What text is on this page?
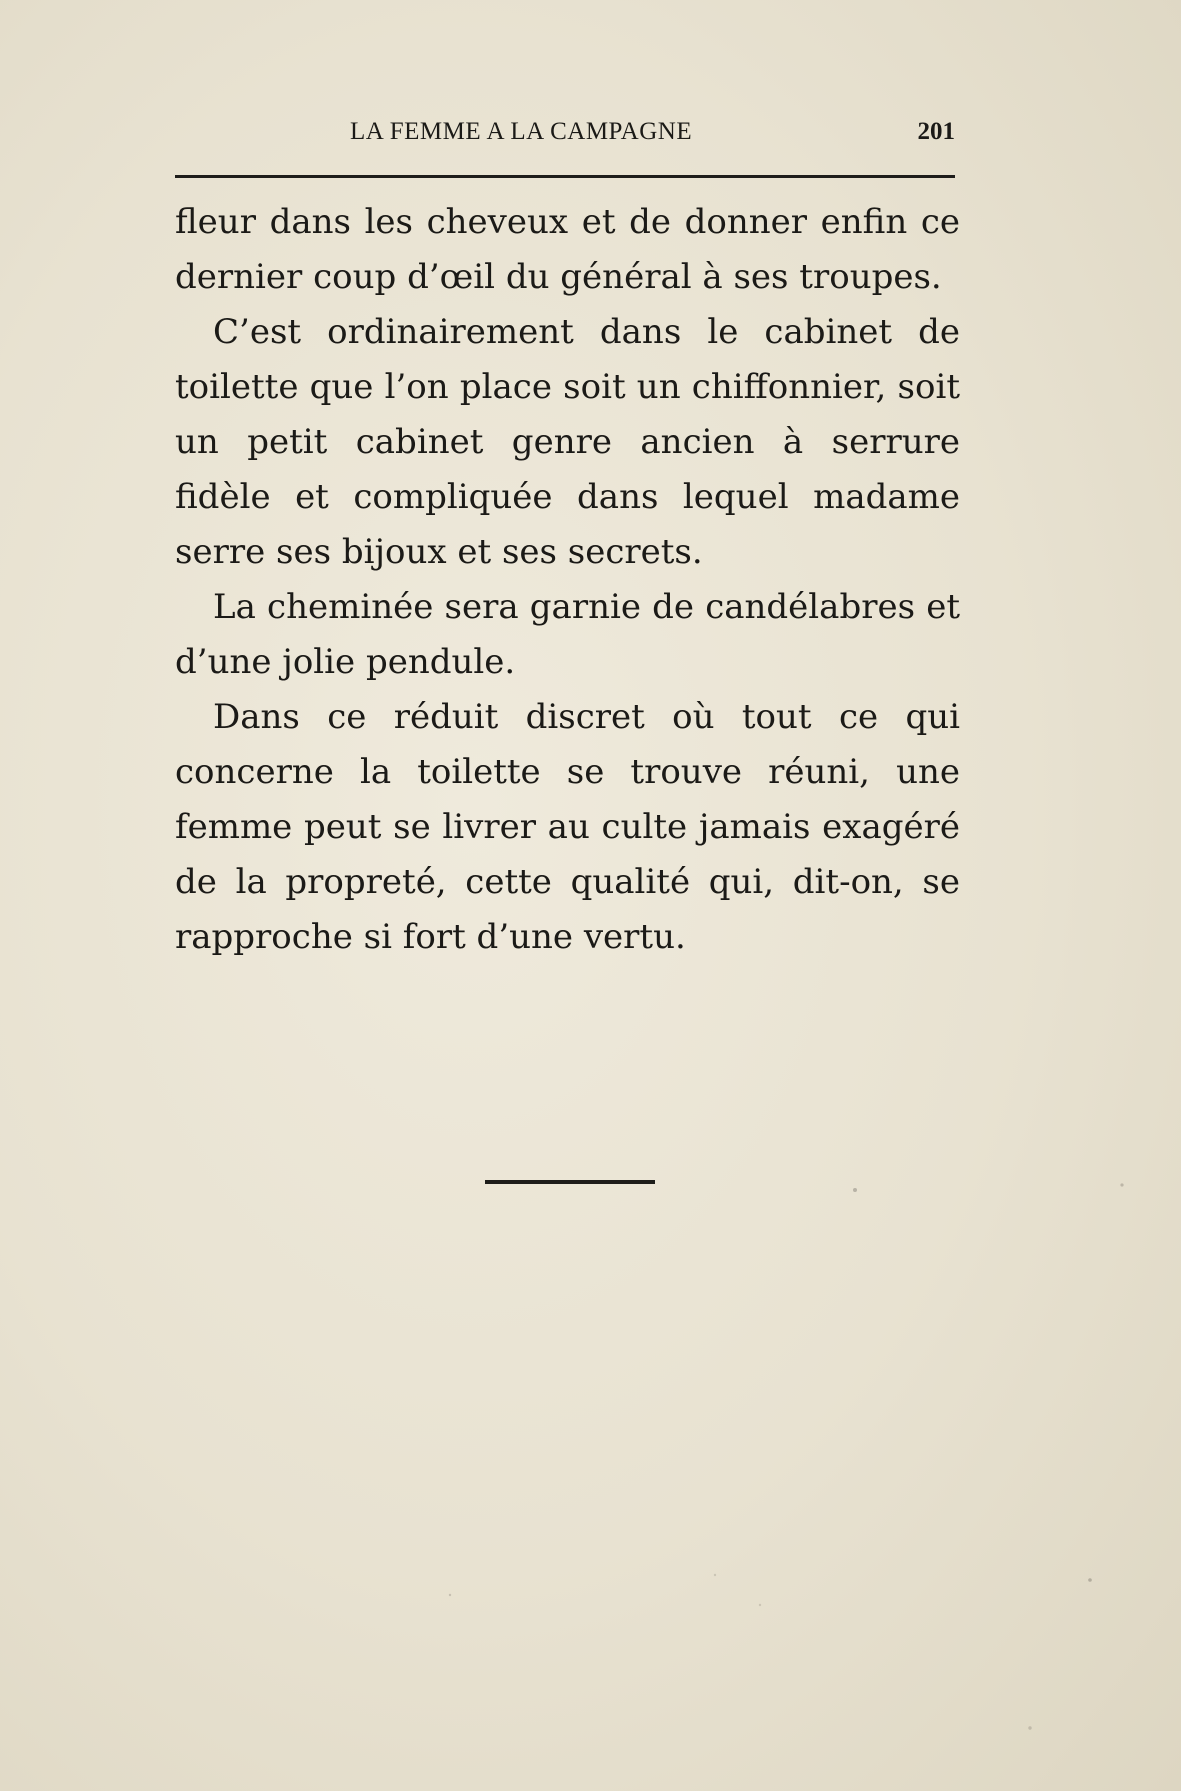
LA FEMME A LA CAMPAGNE	201

fleur dans les cheveux et de donner enfin ce dernier coup d’œil du général à ses troupes.

C’est ordinairement dans le cabinet de toilette que l’on place soit un chiffonnier, soit un petit cabinet genre ancien à serrure fidèle et compliquée dans lequel madame serre ses bijoux et ses secrets.

La cheminée sera garnie de candélabres et d’une jolie pendule.

Dans ce réduit discret où tout ce qui concerne la toilette se trouve réuni, une femme peut se livrer au culte jamais exagéré de la propreté, cette qualité qui, dit-on, se rapproche si fort d’une vertu.
